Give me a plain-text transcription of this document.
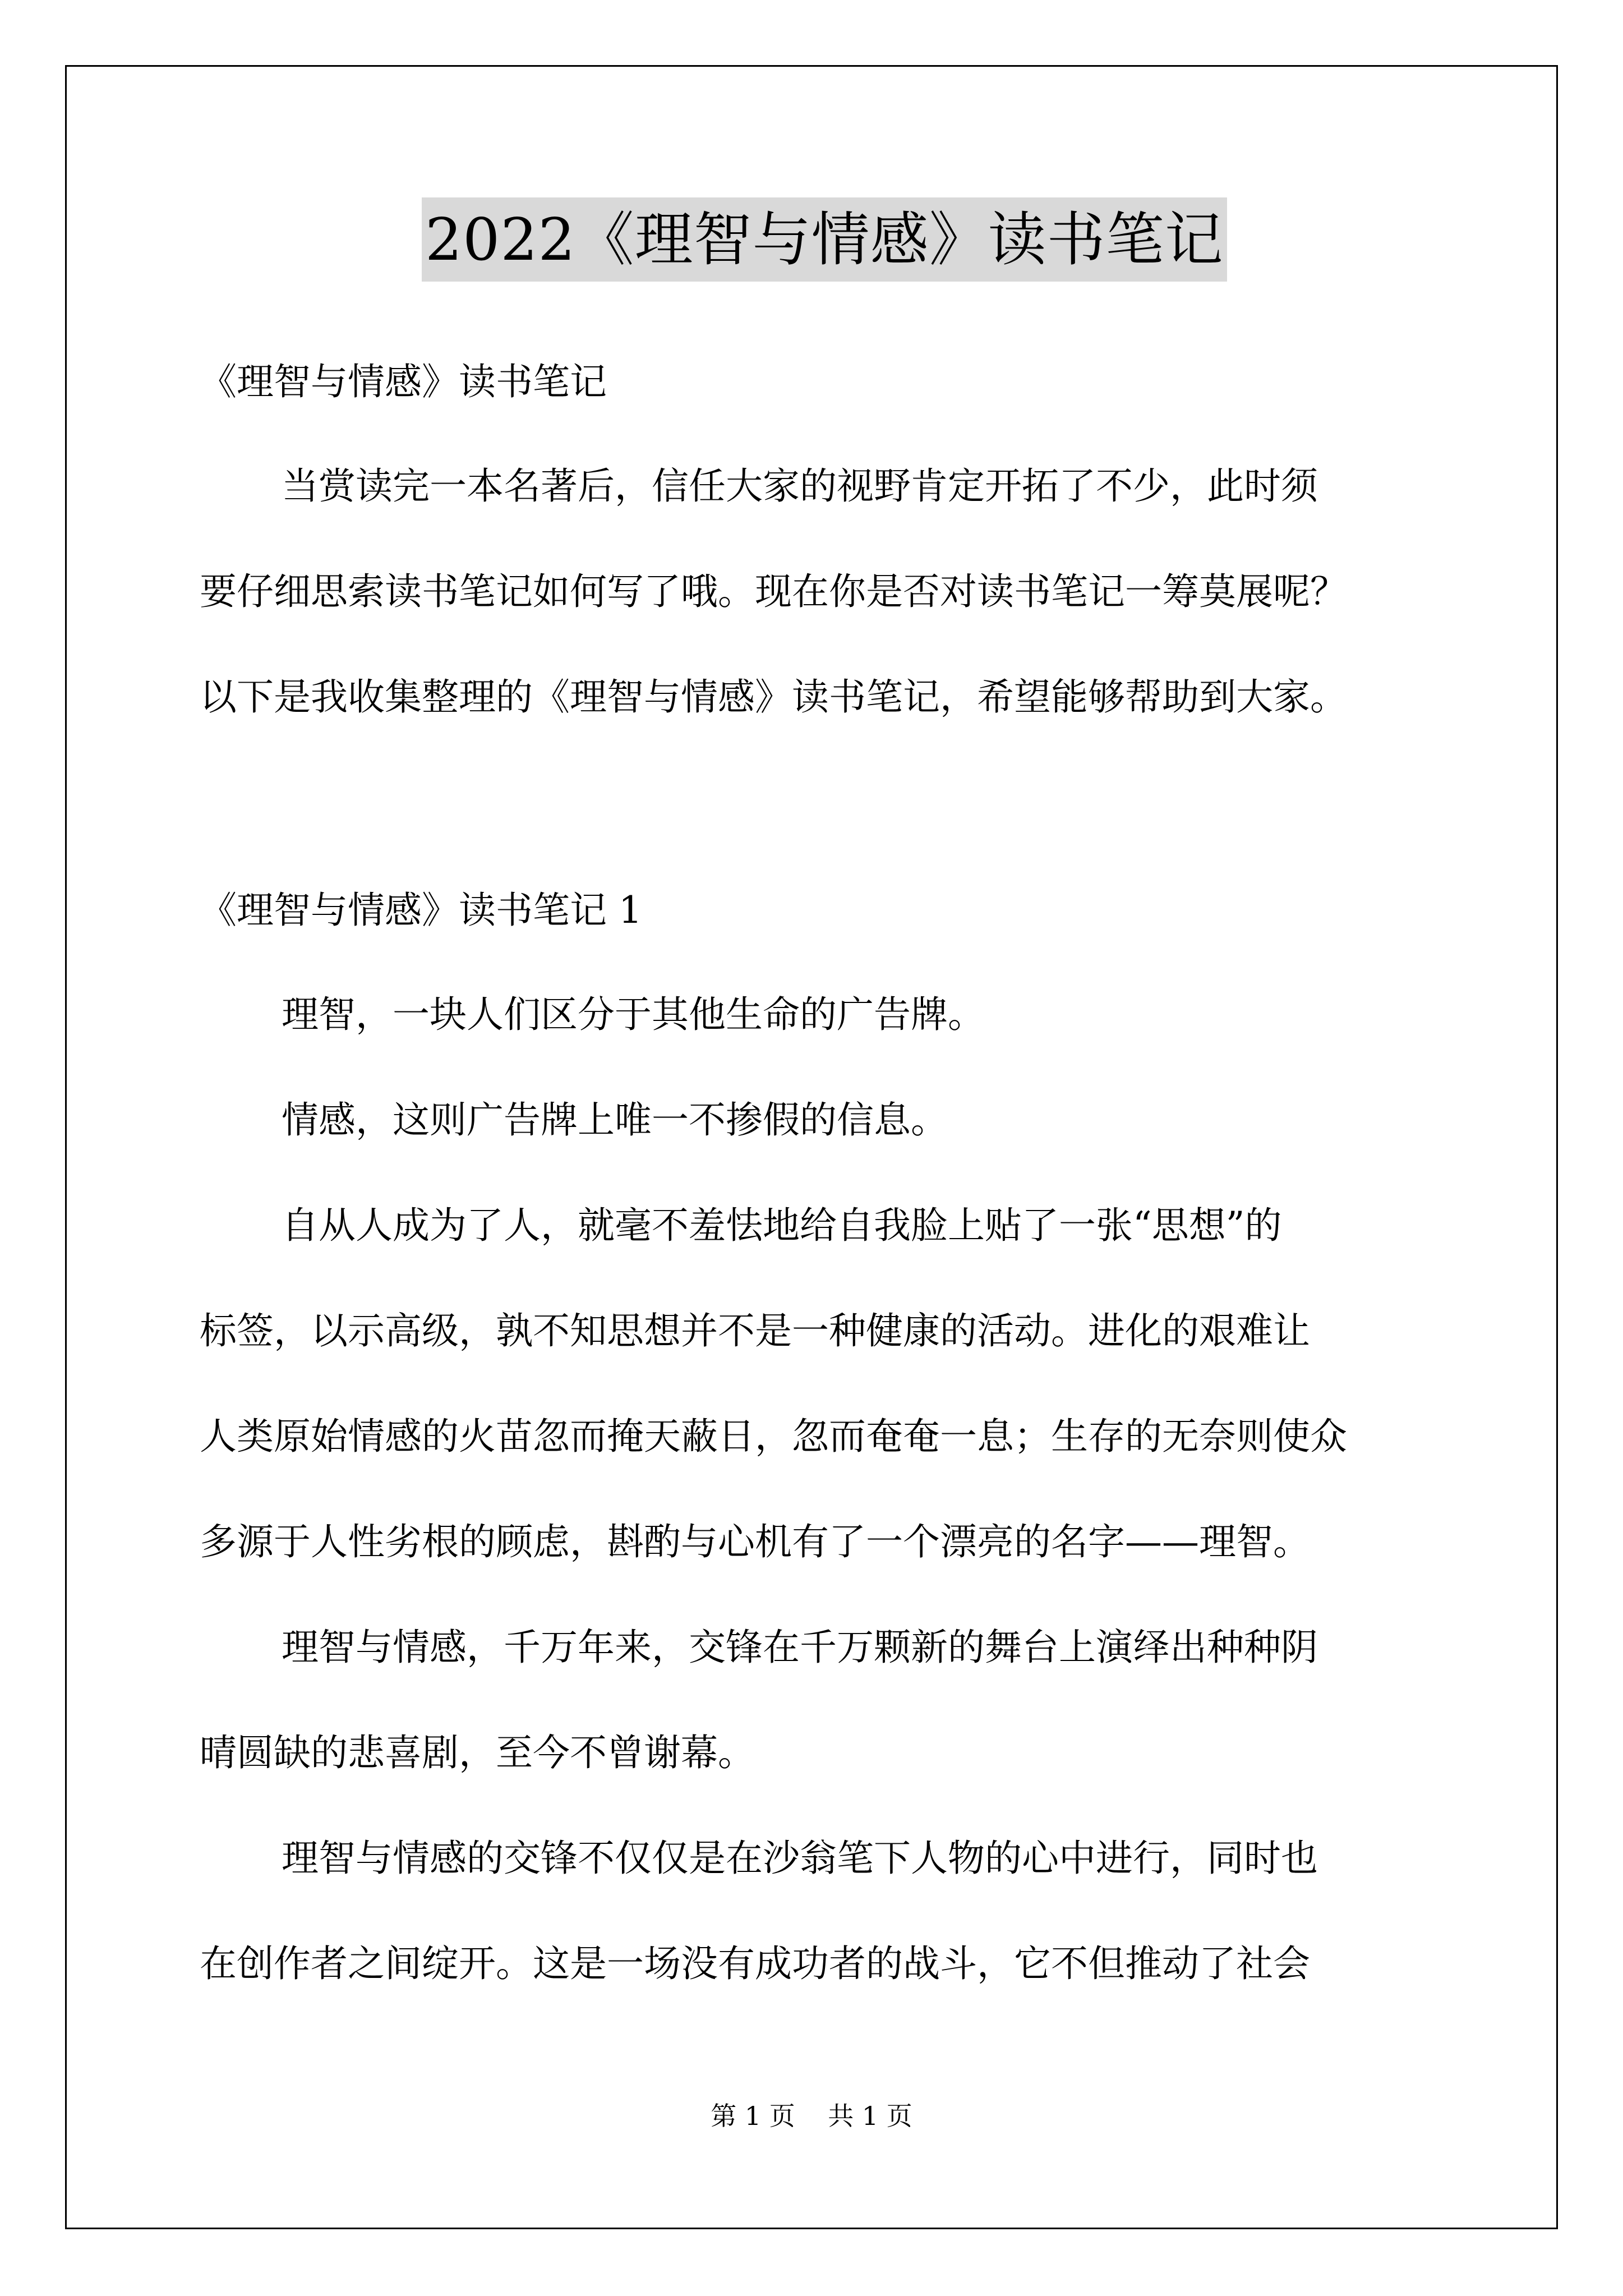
2022《理智与情感》读书笔记
《理智与情感》读书笔记
当赏读完一本名著后，信任大家的视野肯定开拓了不少，此时须
要仔细思索读书笔记如何写了哦。现在你是否对读书笔记一筹莫展呢？
以下是我收集整理的《理智与情感》读书笔记，希望能够帮助到大家。
《理智与情感》读书笔记 1
理智，一块人们区分于其他生命的广告牌。
情感，这则广告牌上唯一不掺假的信息。
自从人成为了人，就毫不羞怯地给自我脸上贴了一张“思想”的
标签，以示高级，孰不知思想并不是一种健康的活动。进化的艰难让
人类原始情感的火苗忽而掩天蔽日，忽而奄奄一息；生存的无奈则使众
多源于人性劣根的顾虑，斟酌与心机有了一个漂亮的名字——理智。
理智与情感，千万年来，交锋在千万颗新的舞台上演绎出种种阴
晴圆缺的悲喜剧，至今不曾谢幕。
理智与情感的交锋不仅仅是在沙翁笔下人物的心中进行，同时也
在创作者之间绽开。这是一场没有成功者的战斗，它不但推动了社会
第 1 页    共 1 页
